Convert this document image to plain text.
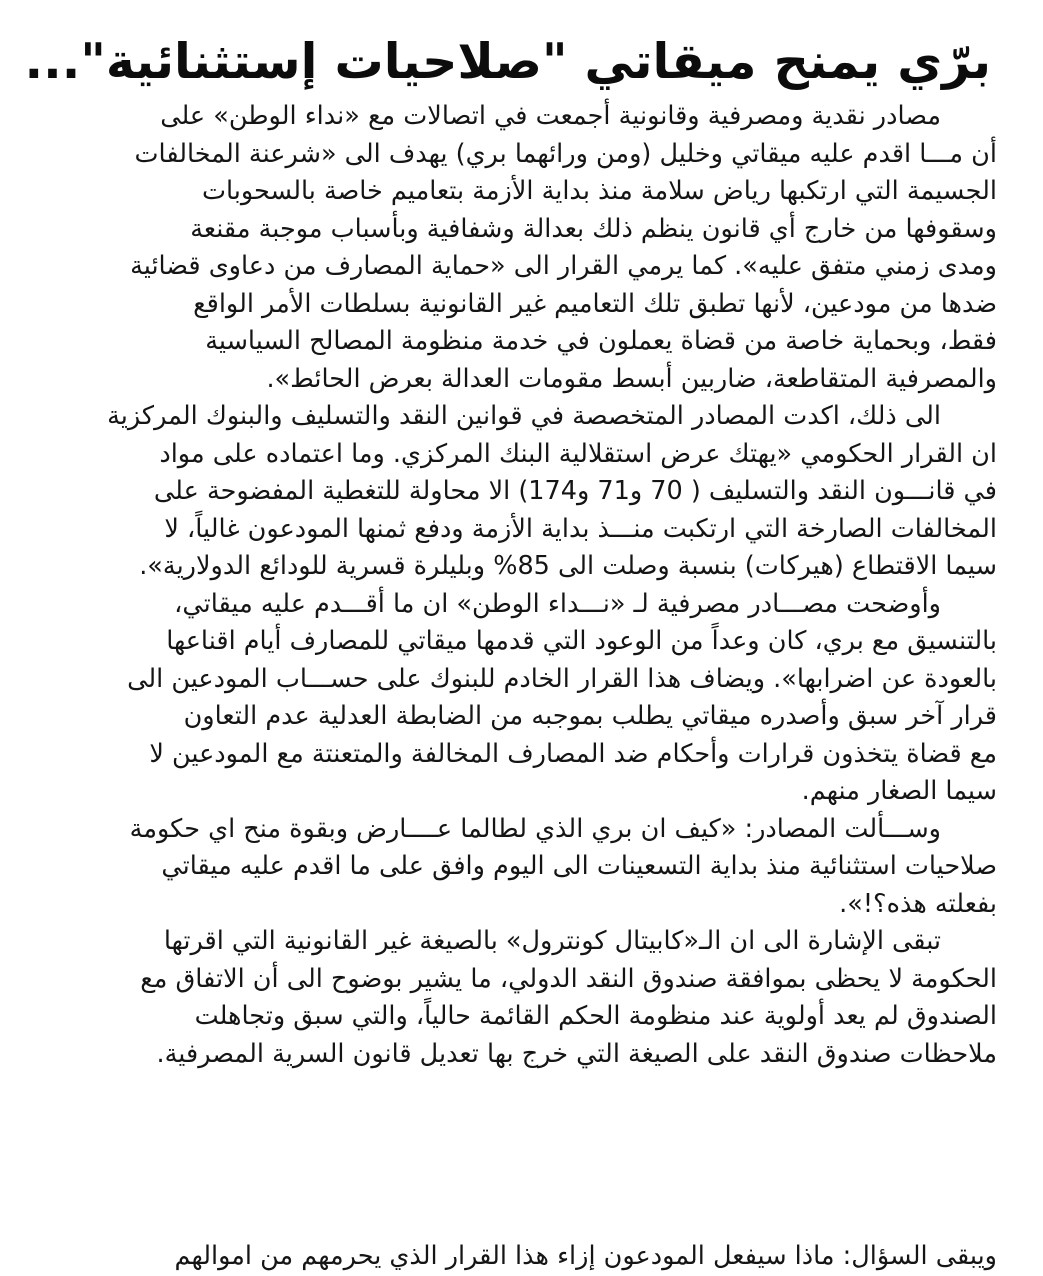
برّي يمنح ميقاتي "صلاحيات إستثنائية"...

مصادر نقدية ومصرفية وقانونية أجمعت في اتصالات مع «نداء الوطن» على
أن مـــا اقدم عليه ميقاتي وخليل (ومن ورائهما بري) يهدف الى «شرعنة المخالفات
الجسيمة التي ارتكبها رياض سلامة منذ بداية الأزمة بتعاميم خاصة بالسحوبات
وسقوفها من خارج أي قانون ينظم ذلك بعدالة وشفافية وبأسباب موجبة مقنعة
ومدى زمني متفق عليه». كما يرمي القرار الى «حماية المصارف من دعاوى قضائية
ضدها من مودعين، لأنها تطبق تلك التعاميم غير القانونية بسلطات الأمر الواقع
فقط، وبحماية خاصة من قضاة يعملون في خدمة منظومة المصالح السياسية
والمصرفية المتقاطعة، ضاربين أبسط مقومات العدالة بعرض الحائط».

الى ذلك، اكدت المصادر المتخصصة في قوانين النقد والتسليف والبنوك المركزية
ان القرار الحكومي «يهتك عرض استقلالية البنك المركزي. وما اعتماده على مواد
في قانـــون النقد والتسليف ( 70 و71 و174) الا محاولة للتغطية المفضوحة على
المخالفات الصارخة التي ارتكبت منـــذ بداية الأزمة ودفع ثمنها المودعون غالياً، لا
سيما الاقتطاع (هيركات) بنسبة وصلت الى 85% وبليلرة قسرية للودائع الدولارية».

وأوضحت مصـــادر مصرفية لـ «نـــداء الوطن» ان ما أقـــدم عليه ميقاتي،
بالتنسيق مع بري، كان وعداً من الوعود التي قدمها ميقاتي للمصارف أيام اقناعها
بالعودة عن اضرابها». ويضاف هذا القرار الخادم للبنوك على حســـاب المودعين الى
قرار آخر سبق وأصدره ميقاتي يطلب بموجبه من الضابطة العدلية عدم التعاون
مع قضاة يتخذون قرارات وأحكام ضد المصارف المخالفة والمتعنتة مع المودعين لا
سيما الصغار منهم.

وســـألت المصادر: «كيف ان بري الذي لطالما عــــارض وبقوة منح اي حكومة
صلاحيات استثنائية منذ بداية التسعينات الى اليوم وافق على ما اقدم عليه ميقاتي
بفعلته هذه؟!».

تبقى الإشارة الى ان الـ«كابيتال كونترول» بالصيغة غير القانونية التي اقرتها
الحكومة لا يحظى بموافقة صندوق النقد الدولي، ما يشير بوضوح الى أن الاتفاق مع
الصندوق لم يعد أولوية عند منظومة الحكم القائمة حالياً، والتي سبق وتجاهلت
ملاحظات صندوق النقد على الصيغة التي خرج بها تعديل قانون السرية المصرفية.

ويبقى السؤال: ماذا سيفعل المودعون إزاء هذا القرار الذي يحرمهم من اموالهم
